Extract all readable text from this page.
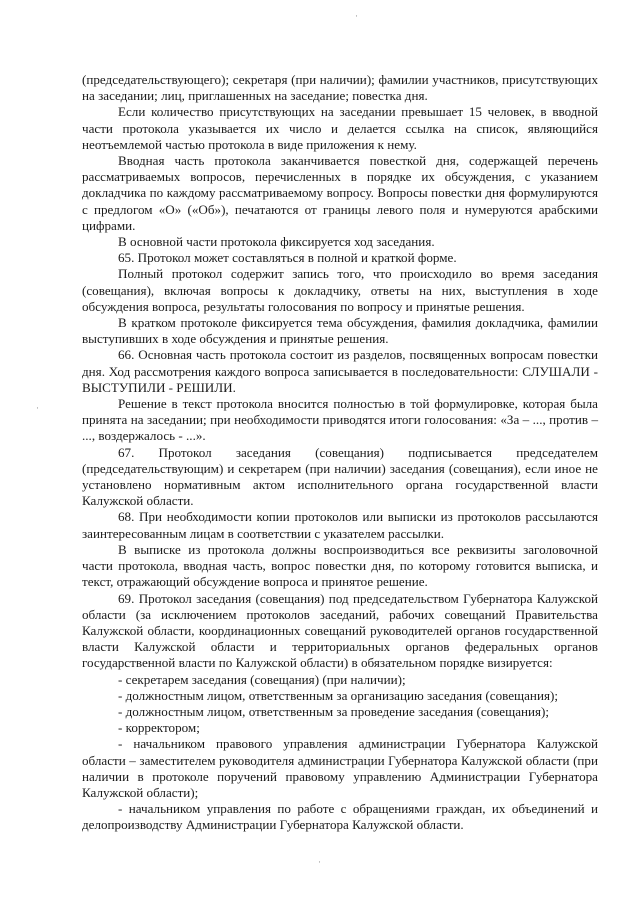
·
·
·

(председательствующего); секретаря (при наличии); фамилии участников, присутствующих на заседании; лиц, приглашенных на заседание; повестка дня.

Если количество присутствующих на заседании превышает 15 человек, в вводной части протокола указывается их число и делается ссылка на список, являющийся неотъемлемой частью протокола в виде приложения к нему.

Вводная часть протокола заканчивается повесткой дня, содержащей перечень рассматриваемых вопросов, перечисленных в порядке их обсуждения, с указанием докладчика по каждому рассматриваемому вопросу. Вопросы повестки дня формулируются с предлогом «О» («Об»), печатаются от границы левого поля и нумеруются арабскими цифрами.

В основной части протокола фиксируется ход заседания.

65. Протокол может составляться в полной и краткой форме.

Полный протокол содержит запись того, что происходило во время заседания (совещания), включая вопросы к докладчику, ответы на них, выступления в ходе обсуждения вопроса, результаты голосования по вопросу и принятые решения.

В кратком протоколе фиксируется тема обсуждения, фамилия докладчика, фамилии выступивших в ходе обсуждения и принятые решения.

66. Основная часть протокола состоит из разделов, посвященных вопросам повестки дня. Ход рассмотрения каждого вопроса записывается в последовательности: СЛУШАЛИ - ВЫСТУПИЛИ - РЕШИЛИ.

Решение в текст протокола вносится полностью в той формулировке, которая была принята на заседании; при необходимости приводятся итоги голосования: «За – ..., против – ..., воздержалось - ...».

67. Протокол заседания (совещания) подписывается председателем (председательствующим) и секретарем (при наличии) заседания (совещания), если иное не установлено нормативным актом исполнительного органа государственной власти Калужской области.

68. При необходимости копии протоколов или выписки из протоколов рассылаются заинтересованным лицам в соответствии с указателем рассылки.

В выписке из протокола должны воспроизводиться все реквизиты заголовочной части протокола, вводная часть, вопрос повестки дня, по которому готовится выписка, и текст, отражающий обсуждение вопроса и принятое решение.

69. Протокол заседания (совещания) под председательством Губернатора Калужской области (за исключением протоколов заседаний, рабочих совещаний Правительства Калужской области, координационных совещаний руководителей органов государственной власти Калужской области и территориальных органов федеральных органов государственной власти по Калужской области) в обязательном порядке визируется:

- секретарем заседания (совещания) (при наличии);

- должностным лицом, ответственным за организацию заседания (совещания);

- должностным лицом, ответственным за проведение заседания (совещания);

- корректором;

- начальником правового управления администрации Губернатора Калужской области – заместителем руководителя администрации Губернатора Калужской области (при наличии в протоколе поручений правовому управлению Администрации Губернатора Калужской области);

- начальником управления по работе с обращениями граждан, их объединений и делопроизводству Администрации Губернатора Калужской области.
